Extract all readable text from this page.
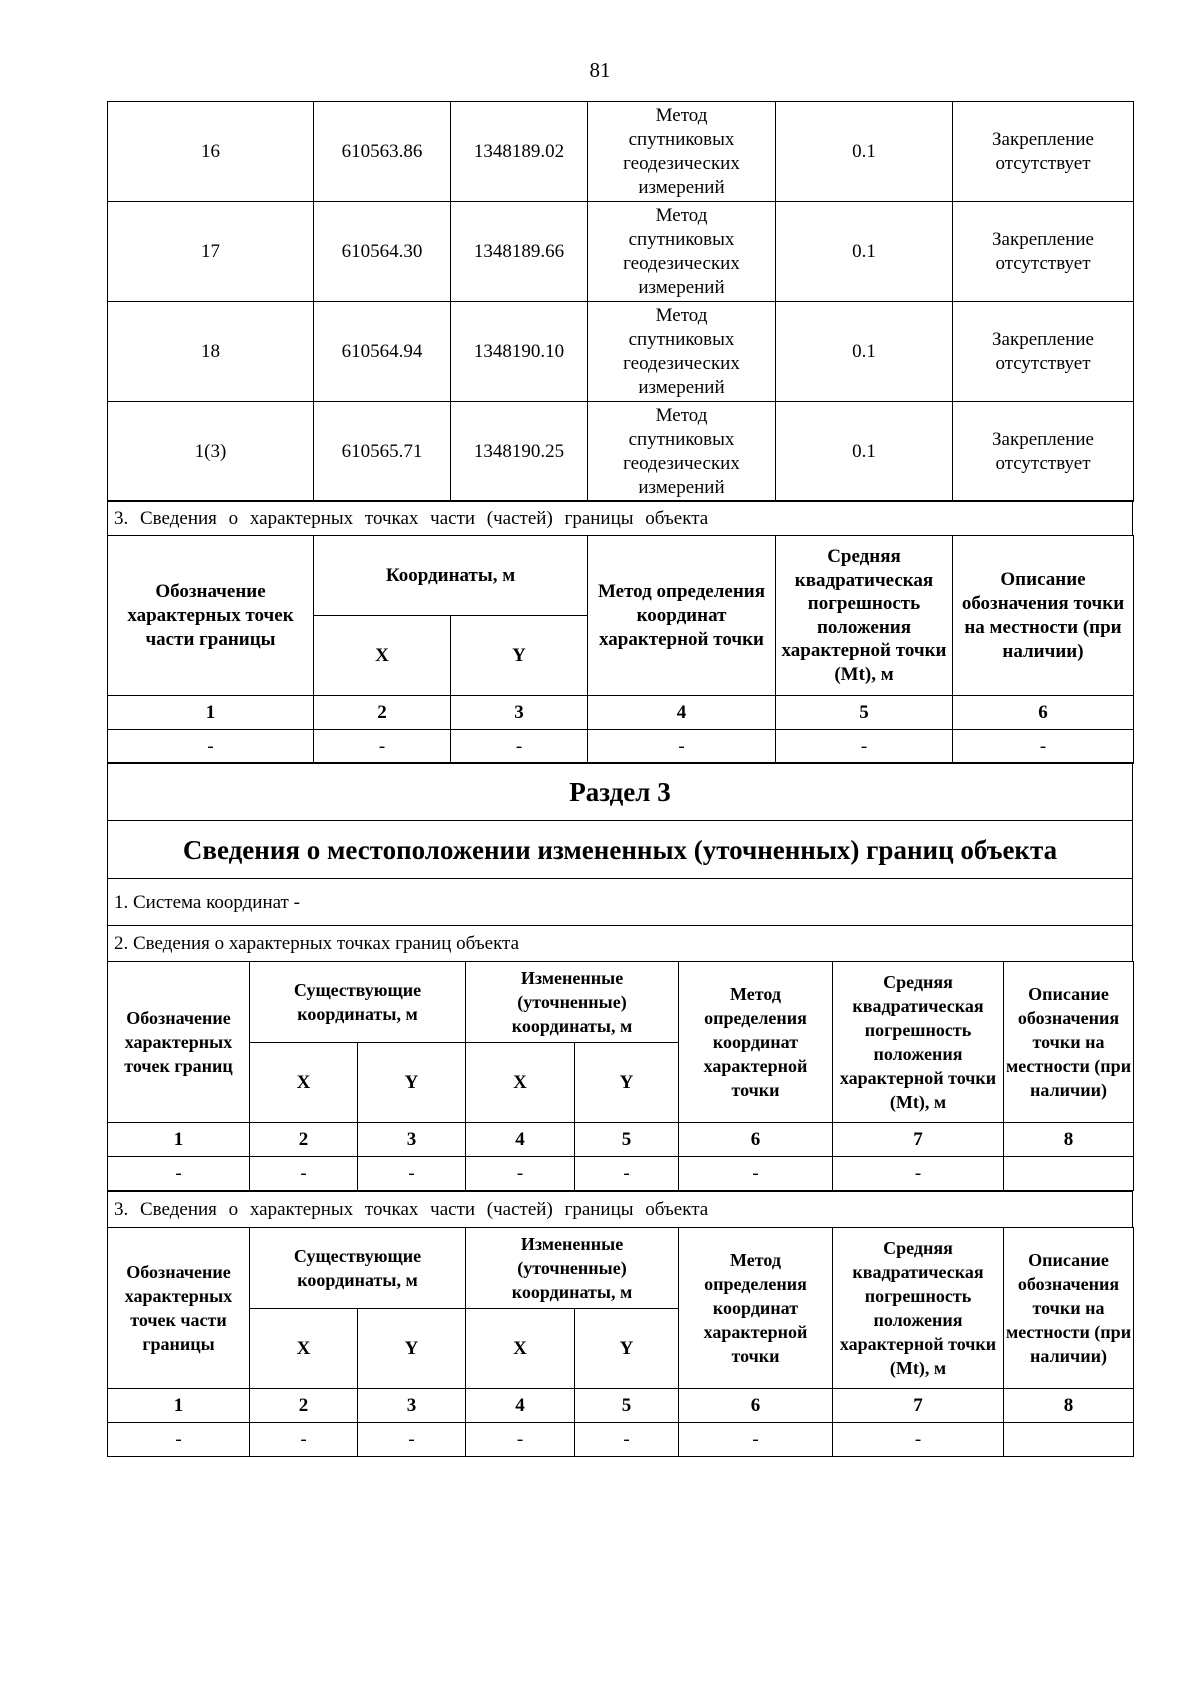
81
16	610563.86	1348189.02	Метод спутниковых геодезических измерений	0.1	Закрепление отсутствует
17	610564.30	1348189.66	Метод спутниковых геодезических измерений	0.1	Закрепление отсутствует
18	610564.94	1348190.10	Метод спутниковых геодезических измерений	0.1	Закрепление отсутствует
1(3)	610565.71	1348190.25	Метод спутниковых геодезических измерений	0.1	Закрепление отсутствует
3. Сведения о характерных точках части (частей) границы объекта
Обозначение характерных точек части границы	Координаты, м		Метод определения координат характерной точки	Средняя квадратическая погрешность положения характерной точки (Mt), м	Описание обозначения точки на местности (при наличии)
	X	Y			
1	2	3	4	5	6
-	-	-	-	-	-
Раздел 3
Сведения о местоположении измененных (уточненных) границ объекта
1. Система координат -
2. Сведения о характерных точках границ объекта
Обозначение характерных точек границ	Существующие координаты, м		Измененные (уточненные) координаты, м		Метод определения координат характерной точки	Средняя квадратическая погрешность положения характерной точки (Mt), м	Описание обозначения точки на местности (при наличии)
	X	Y	X	Y			
1	2	3	4	5	6	7	8
-	-	-	-	-	-	-	
3. Сведения о характерных точках части (частей) границы объекта
Обозначение характерных точек части границы	Существующие координаты, м		Измененные (уточненные) координаты, м		Метод определения координат характерной точки	Средняя квадратическая погрешность положения характерной точки (Mt), м	Описание обозначения точки на местности (при наличии)
	X	Y	X	Y			
1	2	3	4	5	6	7	8
-	-	-	-	-	-	-	
